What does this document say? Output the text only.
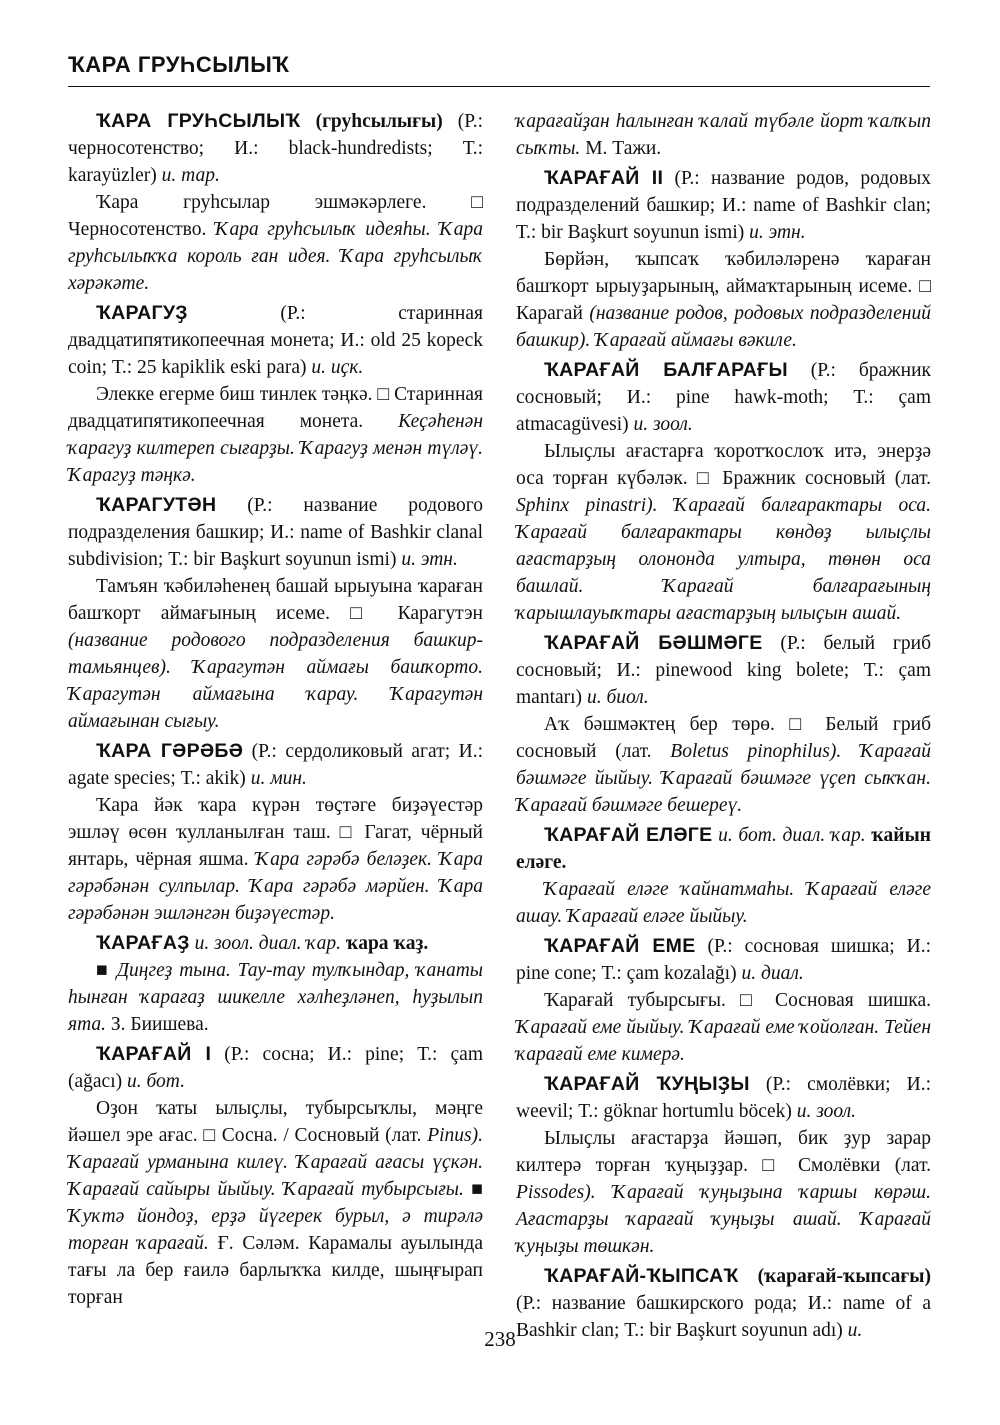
ҠАРА ГРУҺСЫЛЫҠ

ҠАРА ГРУҺСЫЛЫҠ (груһсылығы) (Р.: черносотенство; И.: black-hundredists; Т.: karayüzler) и. тар.

Ҡара груһсылар эшмәкәрлеге. □ Черносотенство. Ҡара груһсылыҡ идеяһы. Ҡара груһсылыҡҡа король ған идея. Ҡара груһсылыҡ хәрәкәте.

ҠАРАГУҘ (Р.: старинная двадцатипятикопеечная монета; И.: old 25 kopeck coin; Т.: 25 kapiklik eski para) и. иҫк.

Элекке егерме биш тинлек тәңкә. □ Старинная двадцатипятикопеечная монета. Кеҫәһенән ҡарагуҙ килтереп сығарҙы. Ҡарагуҙ менән түләү. Ҡарагуҙ тәңкә.

ҠАРАГУТӘН (Р.: название родового подразделения башкир; И.: name of Bashkir clanal subdivision; Т.: bir Başkurt soyunun ismi) и. этн.

Тамъян ҡәбиләһенең башай ырыуына ҡараған башҡорт аймағының исеме. □ Карагутэн (название родового подразделения башкир-тамьянцев). Ҡарагутән аймағы башҡорто. Ҡарагутән аймағына ҡарау. Ҡарагутән аймағынан сығыу.

ҠАРА ГӘРӘБӘ (Р.: сердоликовый агат; И.: agate species; Т.: akik) и. мин.

Ҡара йәк ҡара күрән төҫтәге биҙәүестәр эшләү өсөн ҡулланылған таш. □ Гагат, чёрный янтарь, чёрная яшма. Ҡара гәрәбә беләҙек. Ҡара гәрәбәнән сулпылар. Ҡара гәрәбә мәрйен. Ҡара гәрәбәнән эшләнгән биҙәүестәр.

ҠАРАҒАҘ и. зоол. диал. ҡар. ҡара ҡаҙ.

■ Диңгеҙ тына. Тау-тау тулҡындар, ҡанаты һынған ҡарағаҙ шикелле хәлһеҙләнеп, һуҙылып ята. З. Биишева.

ҠАРАҒАЙ I (Р.: сосна; И.: pine; Т.: çam (ağacı) и. бот.

Оҙон ҡаты ылыҫлы, тубырсыҡлы, мәңге йәшел эре ағас. □ Сосна. / Сосновый (лат. Pinus). Ҡарағай урманына килеү. Ҡарағай ағасы үҫкән. Ҡарағай сайыры йыйыу. Ҡарағай тубырсығы. ■ Ҡуҡтә йондоҙ, ерҙә йүгерек бурыл, ә тирәлә торған ҡарағай. Ғ. Сәләм. Карамалы ауылында тағы ла бер ғаилә барлыҡҡа килде, шыңғырап торған

ҡарағайҙан һалынған ҡалай түбәле йорт ҡалҡып сыҡты. М. Тажи.

ҠАРАҒАЙ II (Р.: название родов, родовых подразделений башкир; И.: name of Bashkir clan; Т.: bir Başkurt soyunun ismi) и. этн.

Бөрйән, ҡыпсаҡ ҡәбиләләренә ҡараған башҡорт ырыуҙарының, аймаҡтарының исеме. □ Карагай (название родов, родовых подразделений башкир). Ҡарағай аймағы вәкиле.

ҠАРАҒАЙ БАЛҒАРАҒЫ (Р.: бражник сосновый; И.: pine hawk-moth; Т.: çam atmacagüvesi) и. зоол.

Ылыҫлы ағастарға ҡоротҡослоҡ итә, энерҙә оса торған күбәләк. □ Бражник сосновый (лат. Sphinx pinastri). Ҡарағай балғарактары оса. Ҡарағай балғарактары көндөҙ ылыҫлы ағастарҙың олононда ултыра, төнөн оса башлай. Ҡарағай балғарағының ҡарышлауыҡтары ағастарҙың ылыҫын ашай.

ҠАРАҒАЙ БӘШМӘГЕ (Р.: белый гриб сосновый; И.: pinewood king bolete; Т.: çam mantarı) и. биол.

Аҡ бәшмәктең бер төрө. □ Белый гриб сосновый (лат. Boletus pinophilus). Ҡарағай бәшмәге йыйыу. Ҡарағай бәшмәге үҫеп сыҡҡан. Ҡарағай бәшмәге бешереү.

ҠАРАҒАЙ ЕЛӘГЕ и. бот. диал. ҡар. ҡайын еләге.

Ҡарағай еләге ҡайнатмаһы. Ҡарағай еләге ашау. Ҡарағай еләге йыйыу.

ҠАРАҒАЙ ЕМЕ (Р.: сосновая шишка; И.: pine cone; Т.: çam kozalağı) и. диал.

Ҡарағай тубырсығы. □ Сосновая шишка. Ҡарағай еме йыйыу. Ҡарағай еме ҡойолған. Тейен ҡарағай еме кимерә.

ҠАРАҒАЙ ҠУҢЫҘЫ (Р.: смолёвки; И.: weevil; Т.: göknar hortumlu böcek) и. зоол.

Ылыҫлы ағастарҙа йәшәп, бик ҙур зарар килтерә торған ҡуңыҙҙар. □ Смолёвки (лат. Pissodes). Ҡарағай ҡуңыҙына ҡаршы көрәш. Ағастарҙы ҡарағай ҡуңыҙы ашай. Ҡарағай ҡуңыҙы төшкән.

ҠАРАҒАЙ-ҠЫПСАҠ (ҡарағай-ҡыпсағы) (Р.: название башкирского рода; И.: name of a Bashkir clan; Т.: bir Başkurt soyunun adı) и.

238
